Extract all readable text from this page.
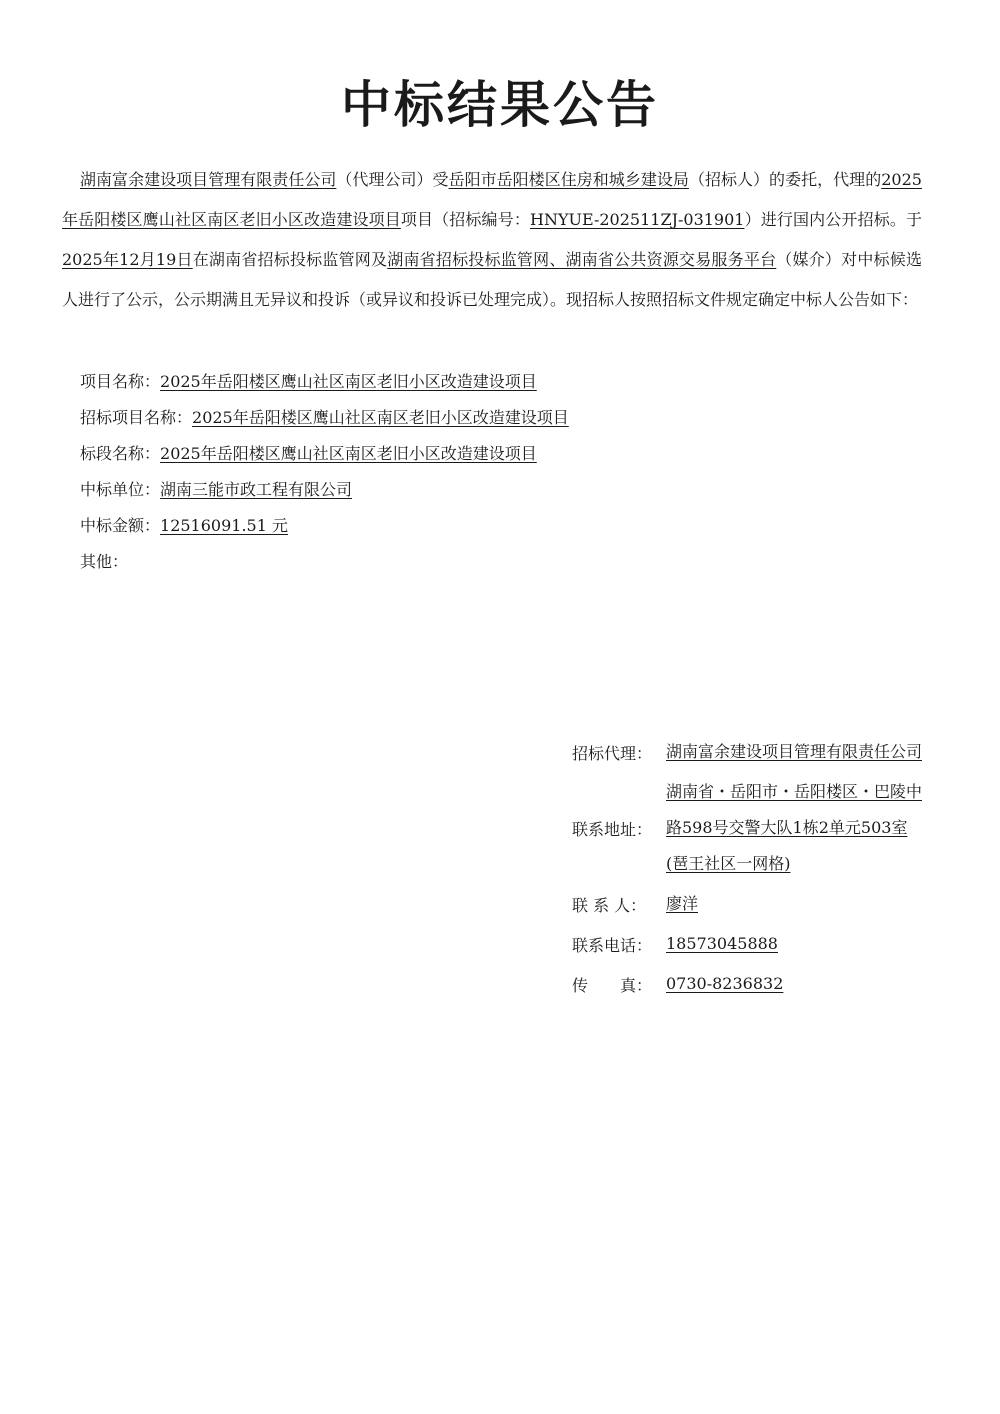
中标结果公告

湖南富余建设项目管理有限责任公司（代理公司）受岳阳市岳阳楼区住房和城乡建设局（招标人）的委托，代理的2025年岳阳楼区鹰山社区南区老旧小区改造建设项目项目（招标编号：HNYUE-202511ZJ-031901）进行国内公开招标。于2025年12月19日在湖南省招标投标监管网及湖南省招标投标监管网、湖南省公共资源交易服务平台（媒介）对中标候选人进行了公示，公示期满且无异议和投诉（或异议和投诉已处理完成）。现招标人按照招标文件规定确定中标人公告如下：

项目名称：2025年岳阳楼区鹰山社区南区老旧小区改造建设项目
招标项目名称：2025年岳阳楼区鹰山社区南区老旧小区改造建设项目
标段名称：2025年岳阳楼区鹰山社区南区老旧小区改造建设项目
中标单位：湖南三能市政工程有限公司
中标金额：12516091.51 元
其他：
招标代理： 湖南富余建设项目管理有限责任公司
联系地址：
湖南省・岳阳市・岳阳楼区・巴陵中路598号交警大队1栋2单元503室(琶王社区一网格)
联 系 人：	廖洋
联系电话： 18573045888
传　　真： 0730-8236832
